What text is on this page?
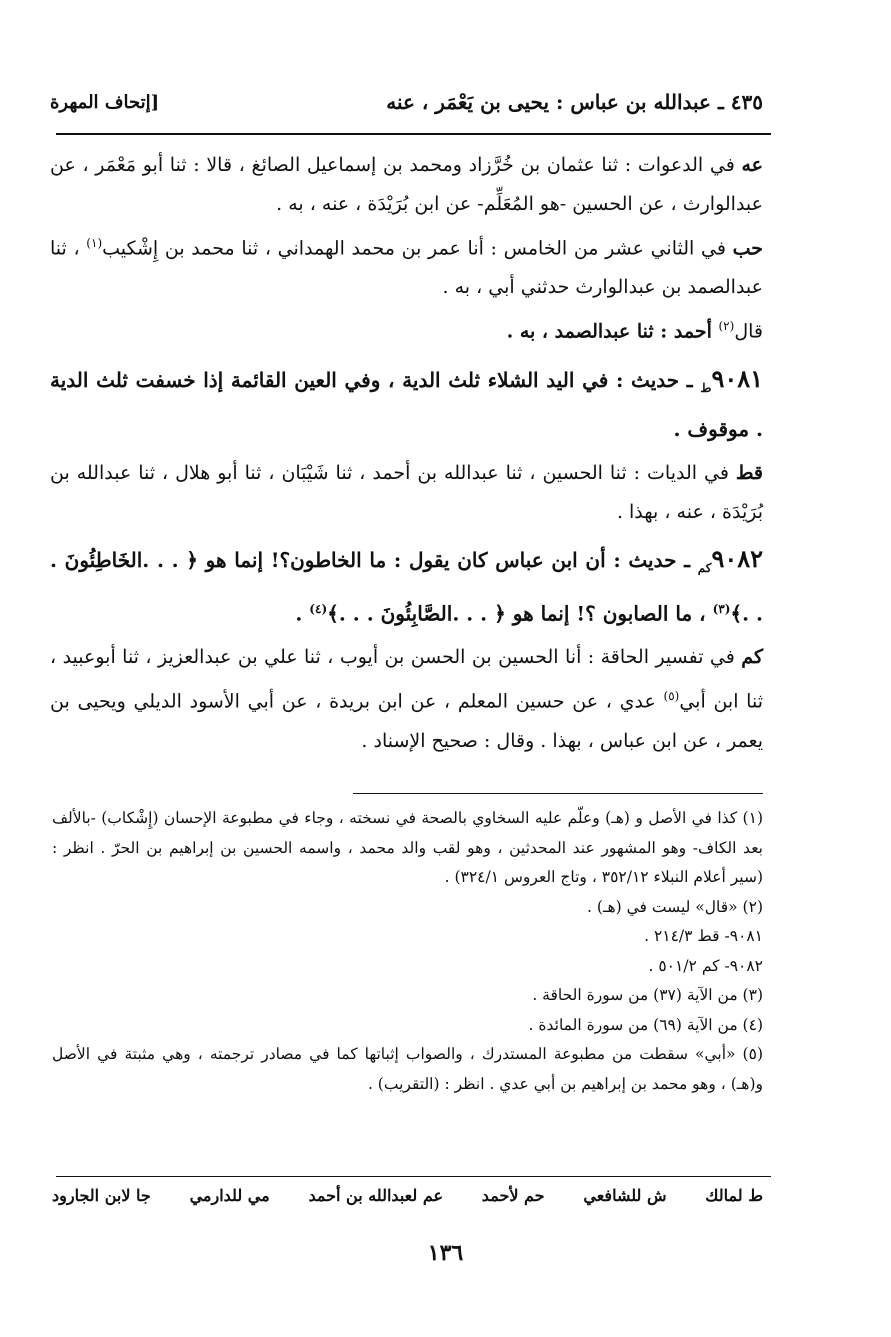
٤٣٥ ـ عبدالله بن عباس : يحيى بن يَعْمَر ، عنه
[إتحاف المهرة

عه في الدعوات : ثنا عثمان بن خُرَّزاد ومحمد بن إسماعيل الصائغ ، قالا : ثنا أبو مَعْمَر ، عن عبدالوارث ، عن الحسين -هو المُعَلِّم- عن ابن بُرَيْدَة ، عنه ، به .

حب في الثاني عشر من الخامس : أنا عمر بن محمد الهمداني ، ثنا محمد بن إِشْكيب$^{(١)}$ ، ثنا عبدالصمد بن عبدالوارث حدثني أبي ، به .

قال$^{(٢)}$ أحمد : ثنا عبدالصمد ، به .

$٩٠٨١_ط$ ـ حديث : في اليد الشلاء ثلث الدية ، وفي العين القائمة إذا خسفت ثلث الدية . موقوف .

قط في الديات : ثنا الحسين ، ثنا عبدالله بن أحمد ، ثنا شَيْبَان ، ثنا أبو هلال ، ثنا عبدالله بن بُرَيْدَة ، عنه ، بهذا .

$٩٠٨٢_{كم}$ ـ حديث : أن ابن عباس كان يقول : ما الخاطون؟! إنما هو ﴿ . . .الخَاطِئُونَ . . .﴾$^{(٣)}$ ، ما الصابون ؟! إنما هو ﴿ . . .الصَّابِئُونَ . . .﴾$^{(٤)}$ .

كم في تفسير الحاقة : أنا الحسين بن الحسن بن أيوب ، ثنا علي بن عبدالعزيز ، ثنا أبوعبيد ، ثنا ابن أبي$^{(٥)}$ عدي ، عن حسين المعلم ، عن ابن بريدة ، عن أبي الأسود الديلي ويحيى بن يعمر ، عن ابن عباس ، بهذا . وقال : صحيح الإسناد .

(١) كذا في الأصل و (هـ) وعلّم عليه السخاوي بالصحة في نسخته ، وجاء في مطبوعة الإحسان (إِشْكاب) -بالألف بعد الكاف- وهو المشهور عند المحدثين ، وهو لقب والد محمد ، واسمه الحسين بن إبراهيم بن الحرّ . انظر : (سير أعلام النبلاء ٣٥٢/١٢ ، وتاج العروس ٣٢٤/١) .

(٢) «قال» ليست في (هـ) .

٩٠٨١- قط ٢١٤/٣ .

٩٠٨٢- كم ٥٠١/٢ .

(٣) من الآية (٣٧) من سورة الحاقة .

(٤) من الآية (٦٩) من سورة المائدة .

(٥) «أبي» سقطت من مطبوعة المستدرك ، والصواب إثباتها كما في مصادر ترجمته ، وهي مثبتة في الأصل و(هـ) ، وهو محمد بن إبراهيم بن أبي عدي . انظر : (التقريب) .

ط لمالك
ش للشافعي
حم لأحمد
عم لعبدالله بن أحمد
مي للدارمي
جا لابن الجارود
١٣٦
